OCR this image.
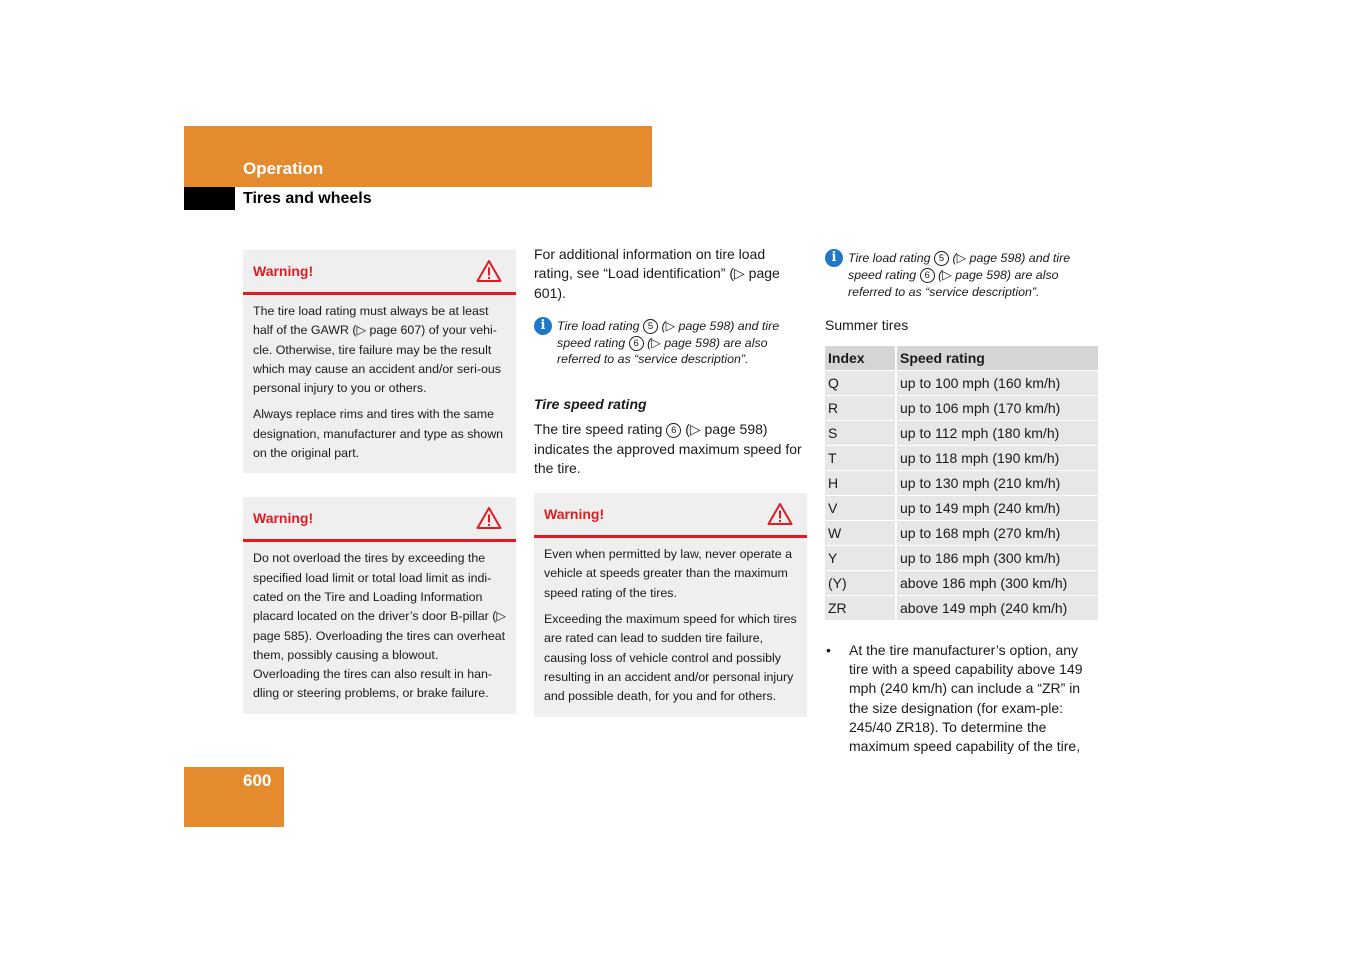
Operation
Tires and wheels
Warning!

The tire load rating must always be at least half of the GAWR (▷ page 607) of your vehi-cle. Otherwise, tire failure may be the result which may cause an accident and/or seri-ous personal injury to you or others.

Always replace rims and tires with the same designation, manufacturer and type as shown on the original part.

Warning!

Do not overload the tires by exceeding the specified load limit or total load limit as indi-cated on the Tire and Loading Information placard located on the driver’s door B-pillar (▷ page 585). Overloading the tires can overheat them, possibly causing a blowout. Overloading the tires can also result in han-dling or steering problems, or brake failure.

For additional information on tire load rating, see “Load identification” (▷ page 601).

i Tire load rating 5 (▷ page 598) and tire speed rating 6 (▷ page 598) are also referred to as “service description”.

Tire speed rating

The tire speed rating 6 (▷ page 598) indicates the approved maximum speed for the tire.

Warning!

Even when permitted by law, never operate a vehicle at speeds greater than the maximum speed rating of the tires.

Exceeding the maximum speed for which tires are rated can lead to sudden tire failure, causing loss of vehicle control and possibly resulting in an accident and/or personal injury and possible death, for you and for others.

i Tire load rating 5 (▷ page 598) and tire speed rating 6 (▷ page 598) are also referred to as “service description”.

Summer tires

Index	Speed rating
Q	up to 100 mph (160 km/h)
R	up to 106 mph (170 km/h)
S	up to 112 mph (180 km/h)
T	up to 118 mph (190 km/h)
H	up to 130 mph (210 km/h)
V	up to 149 mph (240 km/h)
W	up to 168 mph (270 km/h)
Y	up to 186 mph (300 km/h)
(Y)	above 186 mph (300 km/h)
ZR	above 149 mph (240 km/h)
•	At the tire manufacturer’s option, any tire with a speed capability above 149 mph (240 km/h) can include a “ZR” in the size designation (for exam-ple: 245/40 ZR18). To determine the maximum speed capability of the tire,
600
